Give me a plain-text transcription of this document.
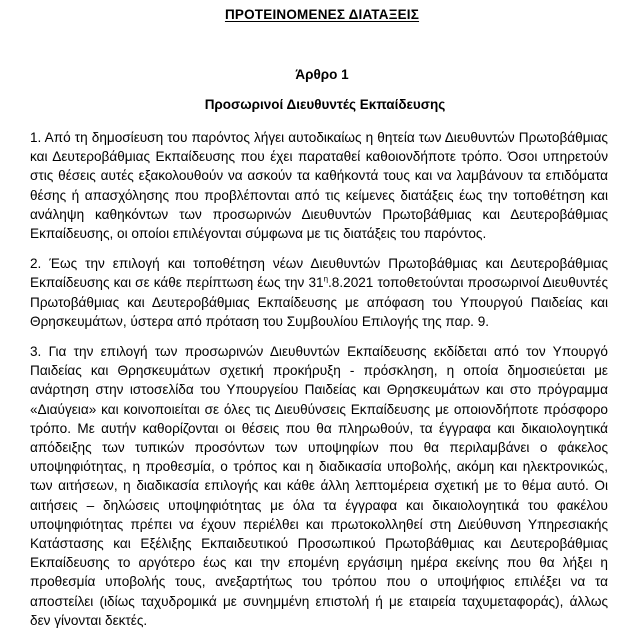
ΠΡΟΤΕΙΝΟΜΕΝΕΣ ΔΙΑΤΑΞΕΙΣ
Άρθρο 1
Προσωρινοί Διευθυντές Εκπαίδευσης

1. Από τη δημοσίευση του παρόντος λήγει αυτοδικαίως η θητεία των Διευθυντών Πρωτοβάθμιας και Δευτεροβάθμιας Εκπαίδευσης που έχει παραταθεί καθοιονδήποτε τρόπο. Όσοι υπηρετούν στις θέσεις αυτές εξακολουθούν να ασκούν τα καθήκοντά τους και να λαμβάνουν τα επιδόματα θέσης ή απασχόλησης που προβλέπονται από τις κείμενες διατάξεις έως την τοποθέτηση και ανάληψη καθηκόντων των προσωρινών Διευθυντών Πρωτοβάθμιας και Δευτεροβάθμιας Εκπαίδευσης, οι οποίοι επιλέγονται σύμφωνα με τις διατάξεις του παρόντος.

2. Έως την επιλογή και τοποθέτηση νέων Διευθυντών Πρωτοβάθμιας και Δευτεροβάθμιας Εκπαίδευσης και σε κάθε περίπτωση έως την $31^\eta.8.2021$ τοποθετούνται προσωρινοί Διευθυντές Πρωτοβάθμιας και Δευτεροβάθμιας Εκπαίδευσης με απόφαση του Υπουργού Παιδείας και Θρησκευμάτων, ύστερα από πρόταση του Συμβουλίου Επιλογής της παρ. 9.

3. Για την επιλογή των προσωρινών Διευθυντών Εκπαίδευσης εκδίδεται από τον Υπουργό Παιδείας και Θρησκευμάτων σχετική προκήρυξη - πρόσκληση, η οποία δημοσιεύεται με ανάρτηση στην ιστοσελίδα του Υπουργείου Παιδείας και Θρησκευμάτων και στο πρόγραμμα «Διαύγεια» και κοινοποιείται σε όλες τις Διευθύνσεις Εκπαίδευσης με οποιονδήποτε πρόσφορο τρόπο. Με αυτήν καθορίζονται οι θέσεις που θα πληρωθούν, τα έγγραφα και δικαιολογητικά απόδειξης των τυπικών προσόντων των υποψηφίων που θα περιλαμβάνει ο φάκελος υποψηφιότητας, η προθεσμία, ο τρόπος και η διαδικασία υποβολής, ακόμη και ηλεκτρονικώς, των αιτήσεων, η διαδικασία επιλογής και κάθε άλλη λεπτομέρεια σχετική με το θέμα αυτό. Οι αιτήσεις – δηλώσεις υποψηφιότητας με όλα τα έγγραφα και δικαιολογητικά του φακέλου υποψηφιότητας πρέπει να έχουν περιέλθει και πρωτοκολληθεί στη Διεύθυνση Υπηρεσιακής Κατάστασης και Εξέλιξης Εκπαιδευτικού Προσωπικού Πρωτοβάθμιας και Δευτεροβάθμιας Εκπαίδευσης το αργότερο έως και την επομένη εργάσιμη ημέρα εκείνης που θα λήξει η προθεσμία υποβολής τους, ανεξαρτήτως του τρόπου που ο υποψήφιος επιλέξει να τα αποστείλει (ιδίως ταχυδρομικά με συνημμένη επιστολή ή με εταιρεία ταχυμεταφοράς), άλλως δεν γίνονται δεκτές.
